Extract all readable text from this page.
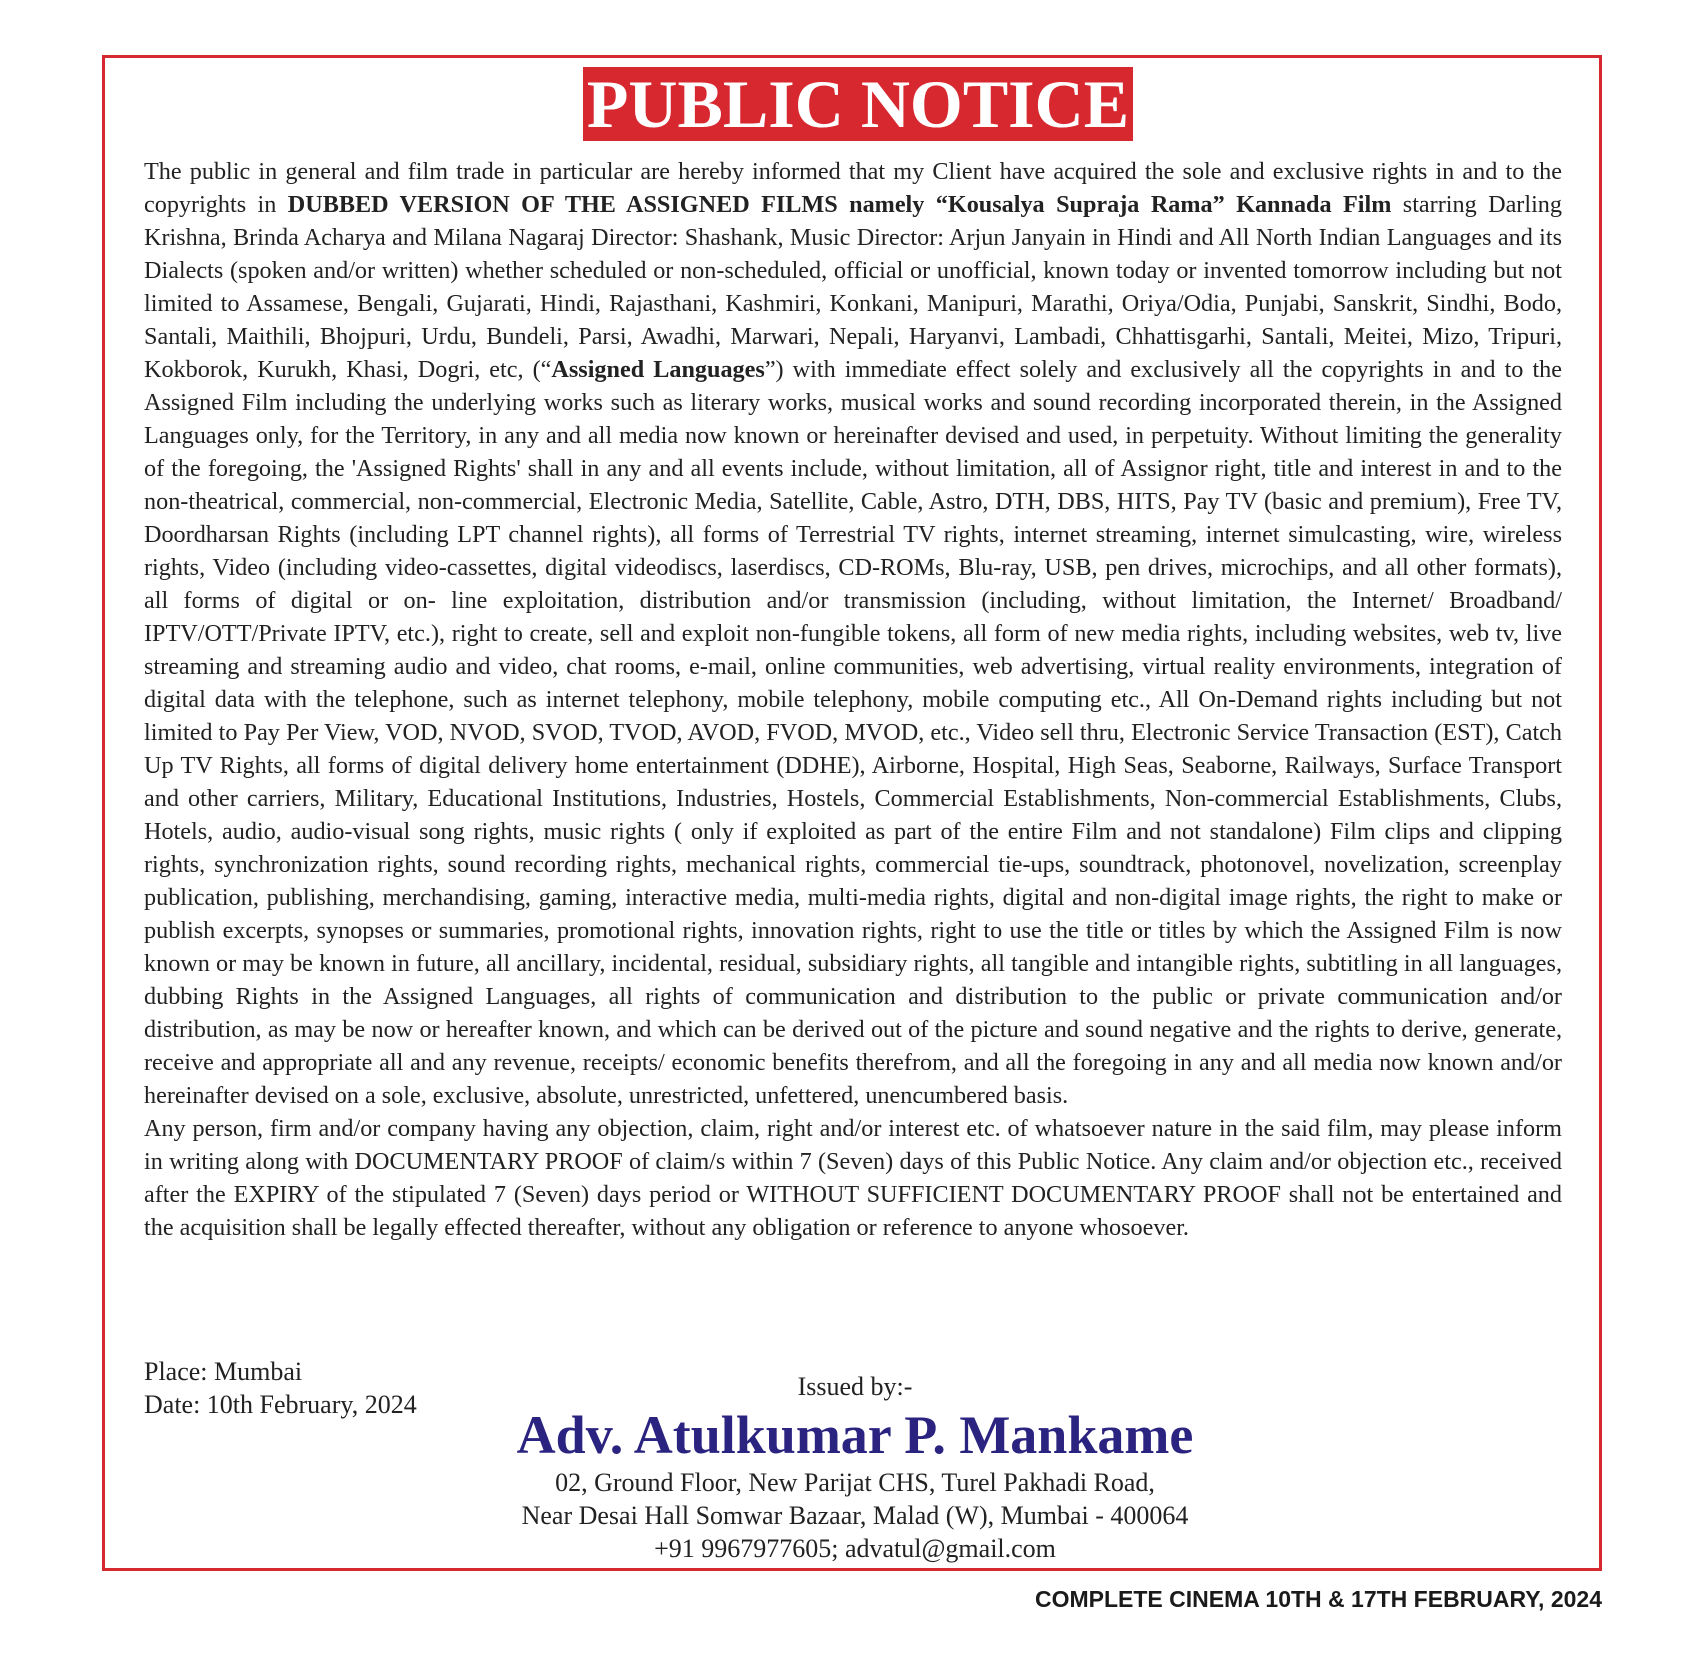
PUBLIC NOTICE

The public in general and film trade in particular are hereby informed that my Client have acquired the sole and exclusive rights in and to the copyrights in DUBBED VERSION OF THE ASSIGNED FILMS namely “Kousalya Supraja Rama” Kannada Film starring Darling Krishna, Brinda Acharya and Milana Nagaraj Director: Shashank, Music Director: Arjun Janyain in Hindi and All North Indian Languages and its Dialects (spoken and/or written) whether scheduled or non-scheduled, official or unofficial, known today or invented tomorrow including but not limited to Assamese, Bengali, Gujarati, Hindi, Rajasthani, Kashmiri, Konkani, Manipuri, Marathi, Oriya/Odia, Punjabi, Sanskrit, Sindhi, Bodo, Santali, Maithili, Bhojpuri, Urdu, Bundeli, Parsi, Awadhi, Marwari, Nepali, Haryanvi, Lambadi, Chhattisgarhi, Santali, Meitei, Mizo, Tripuri, Kokborok, Kurukh, Khasi, Dogri, etc, (“Assigned Languages”) with immediate effect solely and exclusively all the copyrights in and to the Assigned Film including the underlying works such as literary works, musical works and sound recording incorporated therein, in the Assigned Languages only, for the Territory, in any and all media now known or hereinafter devised and used, in perpetuity. Without limiting the generality of the foregoing, the 'Assigned Rights' shall in any and all events include, without limitation, all of Assignor right, title and interest in and to the non-theatrical, commercial, non-commercial, Electronic Media, Satellite, Cable, Astro, DTH, DBS, HITS, Pay TV (basic and premium), Free TV, Doordharsan Rights (including LPT channel rights), all forms of Terrestrial TV rights, internet streaming, internet simulcasting, wire, wireless rights, Video (including video-cassettes, digital videodiscs, laserdiscs, CD-ROMs, Blu-ray, USB, pen drives, microchips, and all other formats), all forms of digital or on- line exploitation, distribution and/or transmission (including, without limitation, the Internet/ Broadband/ IPTV/OTT/Private IPTV, etc.), right to create, sell and exploit non-fungible tokens, all form of new media rights, including websites, web tv, live streaming and streaming audio and video, chat rooms, e-mail, online communities, web advertising, virtual reality environments, integration of digital data with the telephone, such as internet telephony, mobile telephony, mobile computing etc., All On-Demand rights including but not limited to Pay Per View, VOD, NVOD, SVOD, TVOD, AVOD, FVOD, MVOD, etc., Video sell thru, Electronic Service Transaction (EST), Catch Up TV Rights, all forms of digital delivery home entertainment (DDHE), Airborne, Hospital, High Seas, Seaborne, Railways, Surface Transport and other carriers, Military, Educational Institutions, Industries, Hostels, Commercial Establishments, Non-commercial Establishments, Clubs, Hotels, audio, audio-visual song rights, music rights ( only if exploited as part of the entire Film and not standalone) Film clips and clipping rights, synchronization rights, sound recording rights, mechanical rights, commercial tie-ups, soundtrack, photonovel, novelization, screenplay publication, publishing, merchandising, gaming, interactive media, multi-media rights, digital and non-digital image rights, the right to make or publish excerpts, synopses or summaries, promotional rights, innovation rights, right to use the title or titles by which the Assigned Film is now known or may be known in future, all ancillary, incidental, residual, subsidiary rights, all tangible and intangible rights, subtitling in all languages, dubbing Rights in the Assigned Languages, all rights of communication and distribution to the public or private communication and/or distribution, as may be now or hereafter known, and which can be derived out of the picture and sound negative and the rights to derive, generate, receive and appropriate all and any revenue, receipts/ economic benefits therefrom, and all the foregoing in any and all media now known and/or hereinafter devised on a sole, exclusive, absolute, unrestricted, unfettered, unencumbered basis.

Any person, firm and/or company having any objection, claim, right and/or interest etc. of whatsoever nature in the said film, may please inform in writing along with DOCUMENTARY PROOF of claim/s within 7 (Seven) days of this Public Notice. Any claim and/or objection etc., received after the EXPIRY of the stipulated 7 (Seven) days period or WITHOUT SUFFICIENT DOCUMENTARY PROOF shall not be entertained and the acquisition shall be legally effected thereafter, without any obligation or reference to anyone whosoever.

Place: Mumbai
Date: 10th February, 2024
Issued by:-
Adv. Atulkumar P. Mankame
02, Ground Floor, New Parijat CHS, Turel Pakhadi Road,
Near Desai Hall Somwar Bazaar, Malad (W), Mumbai - 400064
+91 9967977605; advatul@gmail.com
COMPLETE CINEMA 10TH & 17TH FEBRUARY, 2024
